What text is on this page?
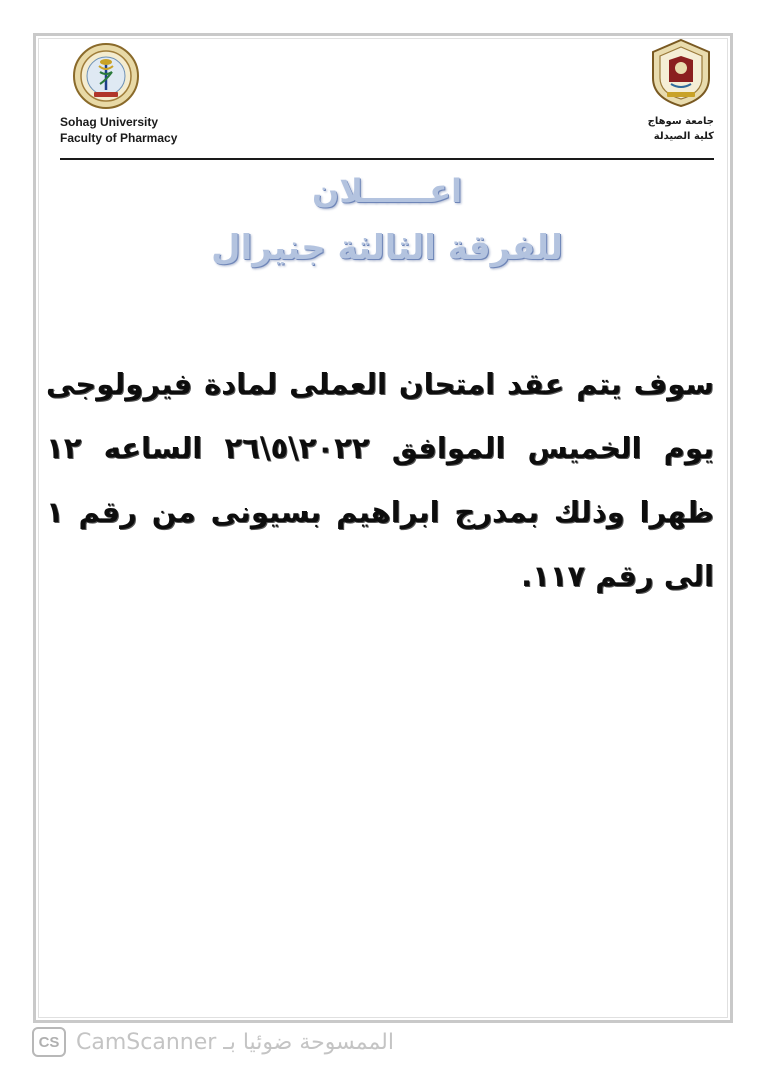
Sohag University
Faculty of Pharmacy
جامعة سوهاج
كلية الصيدلة
اعــــــلان
للفرقة الثالثة جنيرال
سوف يتم عقد امتحان العملى لمادة فيرولوجى يوم الخميس الموافق ٢٠٢٢\٥\٢٦ الساعه ١٢ ظهرا وذلك بمدرج ابراهيم بسيونى من رقم ١ الى رقم ١١٧.
CS الممسوحة ضوئيا بـ CamScanner
